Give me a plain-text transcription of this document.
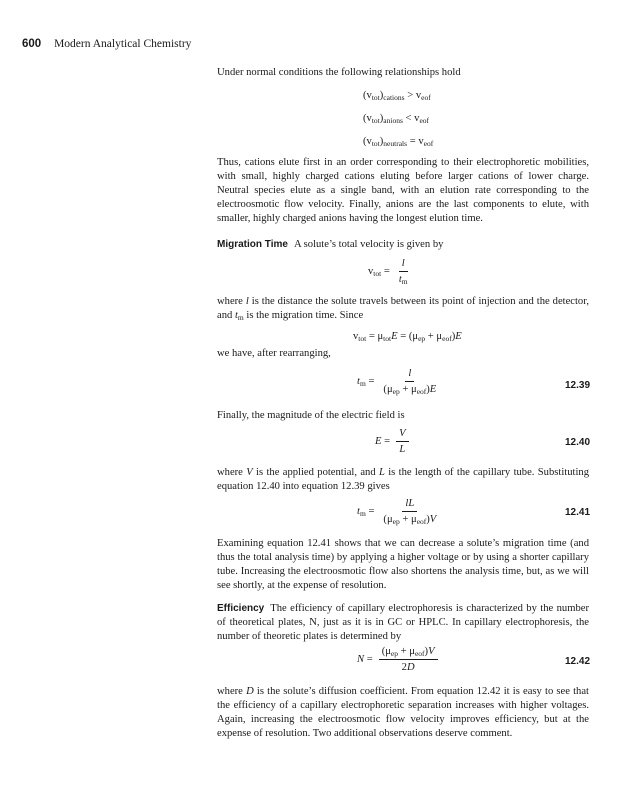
600 Modern Analytical Chemistry

Under normal conditions the following relationships hold

$(v_{tot})_{cations} > v_{eof}$
$(v_{tot})_{anions} < v_{eof}$
$(v_{tot})_{neutrals} = v_{eof}$

Thus, cations elute first in an order corresponding to their electrophoretic mobilities, with small, highly charged cations eluting before larger cations of lower charge. Neutral species elute as a single band, with an elution rate corresponding to the electroosmotic flow velocity. Finally, anions are the last components to elute, with smaller, highly charged anions having the longest elution time.

Migration Time A solute’s total velocity is given by

$v_{tot} = \frac{l}{t_m}$

where l is the distance the solute travels between its point of injection and the detector, and $t_m$ is the migration time. Since

$v_{tot} = \mu_{tot}E = (\mu_{ep} + \mu_{eof})E$

we have, after rearranging,

$t_m = \frac{l}{(\mu_{ep} + \mu_{eof})E}$	12.39

Finally, the magnitude of the electric field is

$E = \frac{V}{L}$	12.40

where V is the applied potential, and L is the length of the capillary tube. Substituting equation 12.40 into equation 12.39 gives

$t_m = \frac{lL}{(\mu_{ep} + \mu_{eof})V}$	12.41

Examining equation 12.41 shows that we can decrease a solute’s migration time (and thus the total analysis time) by applying a higher voltage or by using a shorter capillary tube. Increasing the electroosmotic flow also shortens the analysis time, but, as we will see shortly, at the expense of resolution.

Efficiency The efficiency of capillary electrophoresis is characterized by the number of theoretical plates, N, just as it is in GC or HPLC. In capillary electrophoresis, the number of theoretic plates is determined by

$N = \frac{(\mu_{ep} + \mu_{eof})V}{2D}$	12.42

where D is the solute’s diffusion coefficient. From equation 12.42 it is easy to see that the efficiency of a capillary electrophoretic separation increases with higher voltages. Again, increasing the electroosmotic flow velocity improves efficiency, but at the expense of resolution. Two additional observations deserve comment.
